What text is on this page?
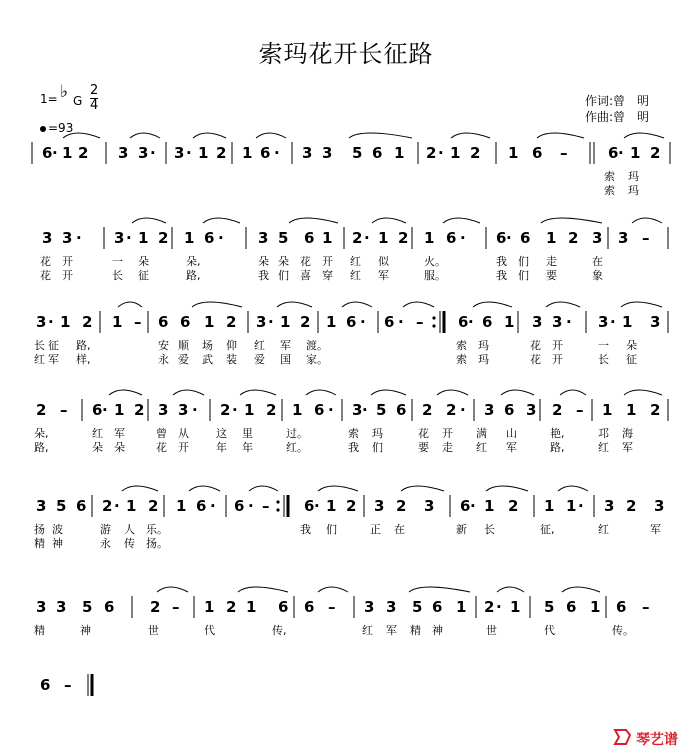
索玛花开长征路
1= ♭ G
2
4
=93
作词:曾　明
作曲:曾　明
6 · 1 2 3 3 · 3 · 1 2 1 6 · 3 3 5 6 1 2 · 1 2 1 6 –	6 · 1 2
索 玛
索 玛
3 3 · 3 · 1 2 1 6 · 3 5 6 1 2 · 1 2 1 6 · 6 · 6 1 2 3 3 –
花 开	一 朵	朵,	朵 朵 花 开 红 似	火。	我 们 走	在
花 开	长 征	路,	我 们 喜 穿 红 军	服。	我 们 要	象
3 · 1 2 1 – 6 6 1 2 3 · 1 2 1 6 · 6 · – 6 · 6 1 3 3 · 3 · 1 3
长 征 路,	安 顺 场 仰 红 军 渡。	索 玛	花 开	一 朵
红 军 样,	永 爱 武 装 爱 国 家。	索 玛	花 开	长 征
2 – 6 · 1 2 3 3 · 2 · 1 2 1 6 · 3 · 5 6 2 2 · 3 6 3 2 – 1 1 2
朵,	红 军	曾 从 这 里	过。	索 玛	花 开 满 山	艳,	邛 海
路,	朵 朵	花 开 年 年	红。	我 们	要 走 红 军	路,	红 军
3 5 6 2 · 1 2 1 6 · 6 · – 6 · 1 2 3 2 3 6 · 1 2 1 1 · 3 2 3
扬 波	游 人 乐。	我 们	正 在	新 长	征,	红	军
精 神	永 传 扬。
3 3 5 6 2 – 1 2 1 6 6 – 3 3 5 6 1 2 · 1 5 6 1 6 –
精	神	世	代	传,	红 军 精 神	世	代	传。
6 –
琴艺谱
